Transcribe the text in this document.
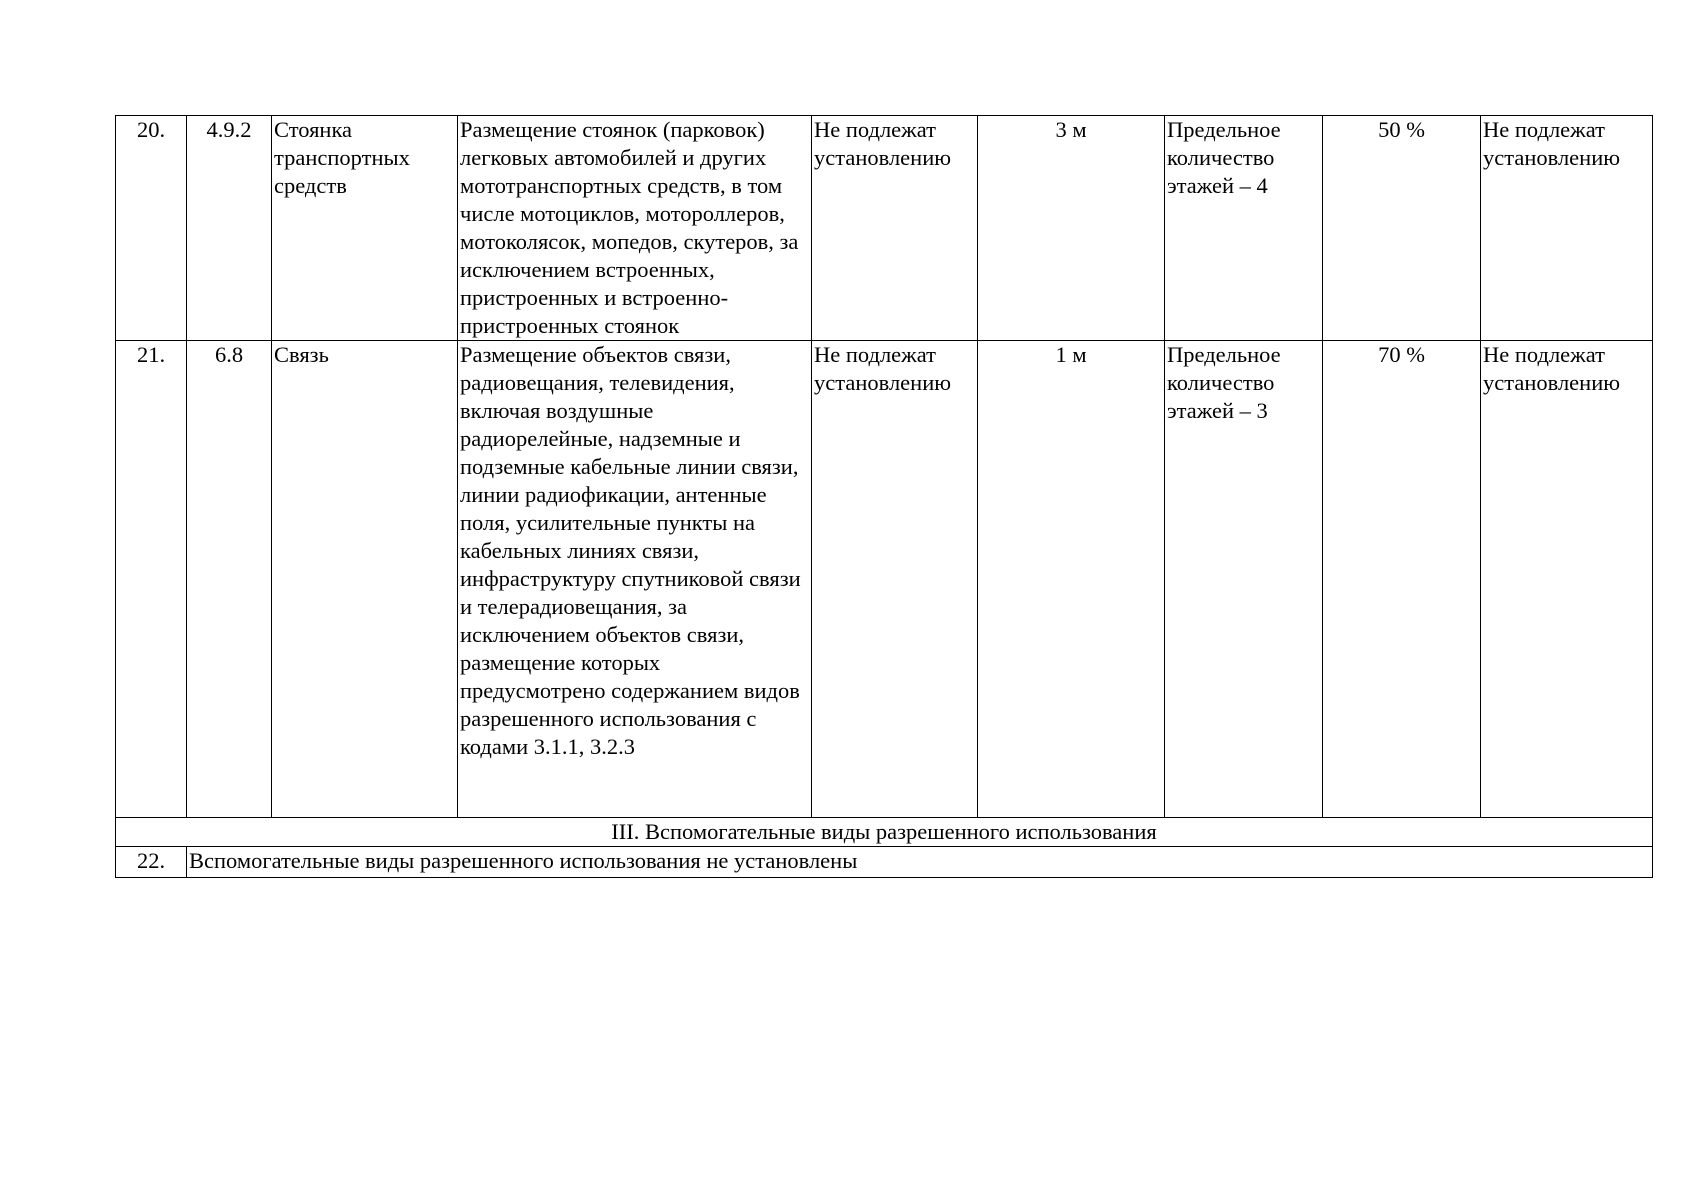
20.	4.9.2	Стоянка транспортных средств	Размещение стоянок (парковок) легковых автомобилей и других мототранспортных средств, в том числе мотоциклов, мотороллеров, мотоколясок, мопедов, скутеров, за исключением встроенных, пристроенных и встроенно-пристроенных стоянок	Не подлежат установлению	3 м	Предельное количество этажей – 4	50 %	Не подлежат установлению
21.	6.8	Связь	Размещение объектов связи, радиовещания, телевидения, включая воздушные радиорелейные, надземные и подземные кабельные линии связи, линии радиофикации, антенные поля, усилительные пункты на кабельных линиях связи, инфраструктуру спутниковой связи и телерадиовещания, за исключением объектов связи, размещение которых предусмотрено содержанием видов разрешенного использования с кодами 3.1.1, 3.2.3	Не подлежат установлению	1 м	Предельное количество этажей – 3	70 %	Не подлежат установлению
III. Вспомогательные виды разрешенного использования								
22.	Вспомогательные виды разрешенного использования не установлены							
